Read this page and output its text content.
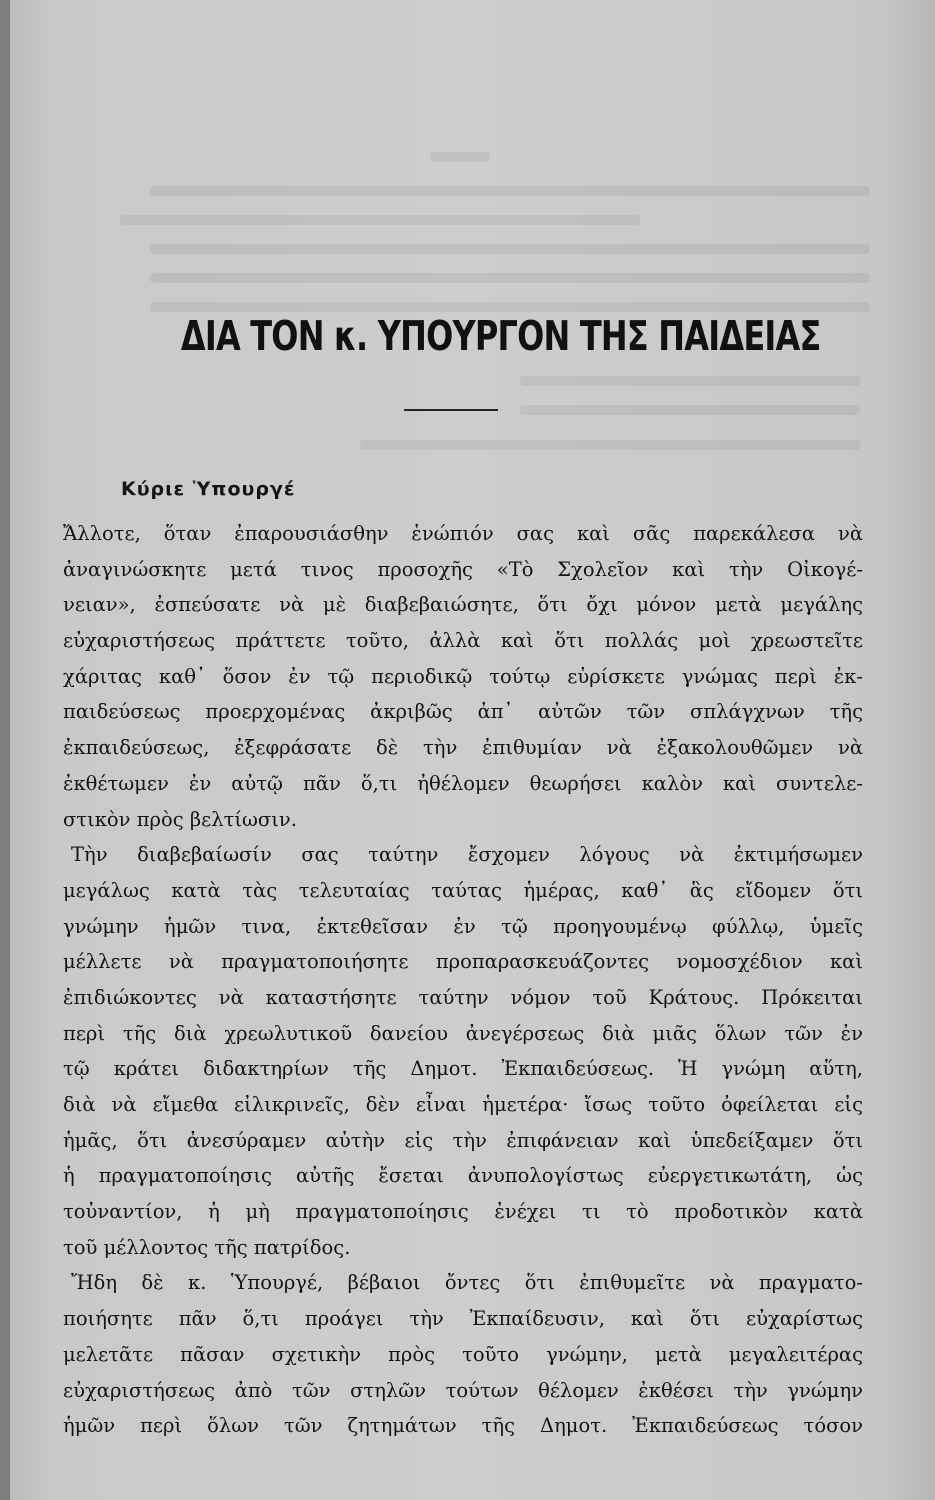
ΔΙΑ ΤΟΝ κ. ΥΠΟΥΡΓΟΝ ΤΗΣ ΠΑΙΔΕΙΑΣ
Κύριε Ὑπουργέ
Ἄλλοτε, ὅταν ἐπαρουσιάσθην ἐνώπιόν σας καὶ σᾶς παρεκάλεσα νὰ
ἀναγινώσκητε μετά τινος προσοχῆς «Τὸ Σχολεῖον καὶ τὴν Οἰκογέ-
νειαν», ἐσπεύσατε νὰ μὲ διαβεβαιώσητε, ὅτι ὄχι μόνον μετὰ μεγάλης
εὐχαριστήσεως πράττετε τοῦτο, ἀλλὰ καὶ ὅτι πολλάς μοὶ χρεωστεῖτε
χάριτας καθ᾽ ὅσον ἐν τῷ περιοδικῷ τούτῳ εὑρίσκετε γνώμας περὶ ἐκ-
παιδεύσεως προερχομένας ἀκριβῶς ἀπ᾽ αὐτῶν τῶν σπλάγχνων τῆς
ἐκπαιδεύσεως, ἐξεφράσατε δὲ τὴν ἐπιθυμίαν νὰ ἐξακολουθῶμεν νὰ
ἐκθέτωμεν ἐν αὐτῷ πᾶν ὅ,τι ἠθέλομεν θεωρήσει καλὸν καὶ συντελε-
στικὸν πρὸς βελτίωσιν.
Τὴν διαβεβαίωσίν σας ταύτην ἔσχομεν λόγους νὰ ἐκτιμήσωμεν
μεγάλως κατὰ τὰς τελευταίας ταύτας ἡμέρας, καθ᾽ ἃς εἴδομεν ὅτι
γνώμην ἡμῶν τινα, ἐκτεθεῖσαν ἐν τῷ προηγουμένῳ φύλλῳ, ὑμεῖς
μέλλετε νὰ πραγματοποιήσητε προπαρασκευάζοντες νομοσχέδιον καὶ
ἐπιδιώκοντες νὰ καταστήσητε ταύτην νόμον τοῦ Κράτους. Πρόκειται
περὶ τῆς διὰ χρεωλυτικοῦ δανείου ἀνεγέρσεως διὰ μιᾶς ὅλων τῶν ἐν
τῷ κράτει διδακτηρίων τῆς Δημοτ. Ἐκπαιδεύσεως. Ἡ γνώμη αὕτη,
διὰ νὰ εἴμεθα εἰλικρινεῖς, δὲν εἶναι ἡμετέρα· ἴσως τοῦτο ὀφείλεται εἰς
ἡμᾶς, ὅτι ἀνεσύραμεν αὐτὴν εἰς τὴν ἐπιφάνειαν καὶ ὑπεδείξαμεν ὅτι
ἡ πραγματοποίησις αὐτῆς ἔσεται ἀνυπολογίστως εὐεργετικωτάτη, ὡς
τοὐναντίον, ἡ μὴ πραγματοποίησις ἐνέχει τι τὸ προδοτικὸν κατὰ
τοῦ μέλλοντος τῆς πατρίδος.
Ἤδη δὲ κ. Ὑπουργέ, βέβαιοι ὄντες ὅτι ἐπιθυμεῖτε νὰ πραγματο-
ποιήσητε πᾶν ὅ,τι προάγει τὴν Ἐκπαίδευσιν, καὶ ὅτι εὐχαρίστως
μελετᾶτε πᾶσαν σχετικὴν πρὸς τοῦτο γνώμην, μετὰ μεγαλειτέρας
εὐχαριστήσεως ἀπὸ τῶν στηλῶν τούτων θέλομεν ἐκθέσει τὴν γνώμην
ἡμῶν περὶ ὅλων τῶν ζητημάτων τῆς Δημοτ. Ἐκπαιδεύσεως τόσον
